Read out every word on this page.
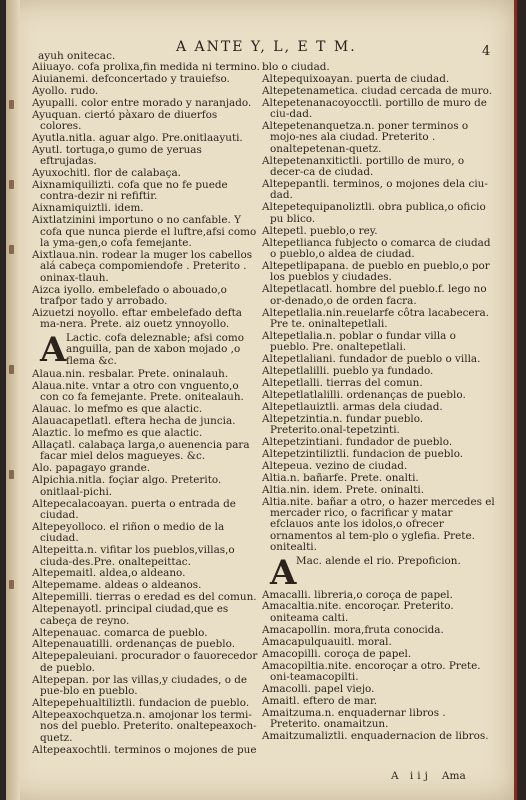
A ANTE Y, L, E T M.	4
ayuh onitecac.
Aiiuayo. cofa prolixa,fin medida ni termino.
Aiuianemi. defconcertado y trauiefso.
Ayollo. rudo.
Ayupalli. color entre morado y naranjado.
Ayuquan. ciertó pàxaro de diuerfos colores.
Ayutla.nitla. aguar algo. Pre.onitlaayuti.
Ayutl. tortuga,o gumo de yeruas eftrujadas.
Ayuxochitl. flor de calabaça.
Aixnamiquilizti. cofa que no fe puede contra-dezir ni refiftir.
Aixnamiquiztli. idem.
Aixtlatzinini importuno o no canfable. Y cofa que nunca pierde el luftre,afsi como la yma-gen,o cofa femejante.
Aixtlaua.nin. rodear la muger los cabellos alá cabeça compomiendofe . Preterito . oninax-tlauh.
Aizca iyollo. embelefado o abouado,o trafpor tado y arrobado.
Aizuetzi noyollo. eftar embelefado defta ma-nera. Prete. aiz ouetz ynnoyollo.
A Lactic. cofa deleznable; afsi como anguilla, pan de xabon mojado ,o flema &c.
Alaua.nin. resbalar. Prete. oninalauh.
Alaua.nite. vntar a otro con vnguento,o con co fa femejante. Prete. onitealauh.
Alauac. lo mefmo es que alactic.
Alauacapetlatl. eftera hecha de juncia.
Alaztic. lo mefmo es que alactic.
Allaçatl. calabaça larga,o auenencia para facar miel delos magueyes. &c.
Alo. papagayo grande.
Alpichia.nitla. foçiar algo. Preterito. onitlaal-pichi.
Altepecalacoayan. puerta o entrada de ciudad.
Altepeyolloco. el riñon o medio de la ciudad.
Altepeitta.n. vifitar los pueblos,villas,o ciuda-des.Pre. onaltepeittac.
Altepemaitl. aldea,o aldeano.
Altepemame. aldeas o aldeanos.
Altepemilli. tierras o eredad es del comun.
Altepenayotl. principal ciudad,que es cabeça de reyno.
Altepenauac. comarca de pueblo.
Altepenauatilli. ordenanças de pueblo.
Altepepaleuiani. procurador o fauorecedor de pueblo.
Altepepan. por las villas,y ciudades, o de pue-blo en pueblo.
Altepepehualtiliztli. fundacion de pueblo.
Altepeaxochquetza.n. amojonar los termi-nos del pueblo. Preterito. onaltepeaxoch-quetz.
Altepeaxochtli. terminos o mojones de pue
blo o ciudad.
Altepequixoayan. puerta de ciudad.
Altepetenametica. ciudad cercada de muro.
Altepetenanacoyocctli. portillo de muro de ciu-dad.
Altepetenanquetza.n. poner terminos o mojo-nes ala ciudad. Preterito . onaltepetenan-quetz.
Altepetenanxitictli. portillo de muro, o decer-ca de ciudad.
Altepepantli. terminos, o mojones dela ciu-dad.
Altepetequipanoliztli. obra publica,o oficio pu blico.
Altepetl. pueblo,o rey.
Altepetlianca fubjecto o comarca de ciudad o pueblo,o aldea de ciudad.
Altepetlipapana. de pueblo en pueblo,o por los pueblos y ciudades.
Altepetlacatl. hombre del pueblo.f. lego no or-denado,o de orden facra.
Altepetlalia.nin.reuelarfe côtra lacabecera. Pre te. oninaltepetlali.
Altepetlalia.n. poblar o fundar villa o pueblo. Pre. onaltepetlali.
Altepetlaliani. fundador de pueblo o villa.
Altepetlalilli. pueblo ya fundado.
Altepetlalli. tierras del comun.
Altepetlatlalilli. ordenanças de pueblo.
Altepetlauiztli. armas dela ciudad.
Altepetzintia.n. fundar pueblo. Preterito.onal-tepetzinti.
Altepetzintiani. fundador de pueblo.
Altepetzintiliztli. fundacion de pueblo.
Altepeua. vezino de ciudad.
Altia.n. bañarfe. Prete. onalti.
Altia.nin. idem. Prete. oninalti.
Altia.nite. bañar a otro, o hazer mercedes el mercader rico, o facrificar y matar efclauos ante los idolos,o ofrecer ornamentos al tem-plo o yglefia. Prete. onitealti.
A Mac. alende el rio. Prepoficion.
Amacalli. libreria,o coroça de papel.
Amacaltia.nite. encoroçar. Preterito. oniteama calti.
Amacapollin. mora,fruta conocida.
Amacapulquauitl. moral.
Amacopilli. coroça de papel.
Amacopiltia.nite. encoroçar a otro. Prete. oni-teamacopilti.
Amacolli. papel viejo.
Amaitl. eftero de mar.
Amaitzuma.n. enquadernar libros . Preterito. onamaitzun.
Amaitzumaliztli. enquadernacion de libros.
A iij Ama
